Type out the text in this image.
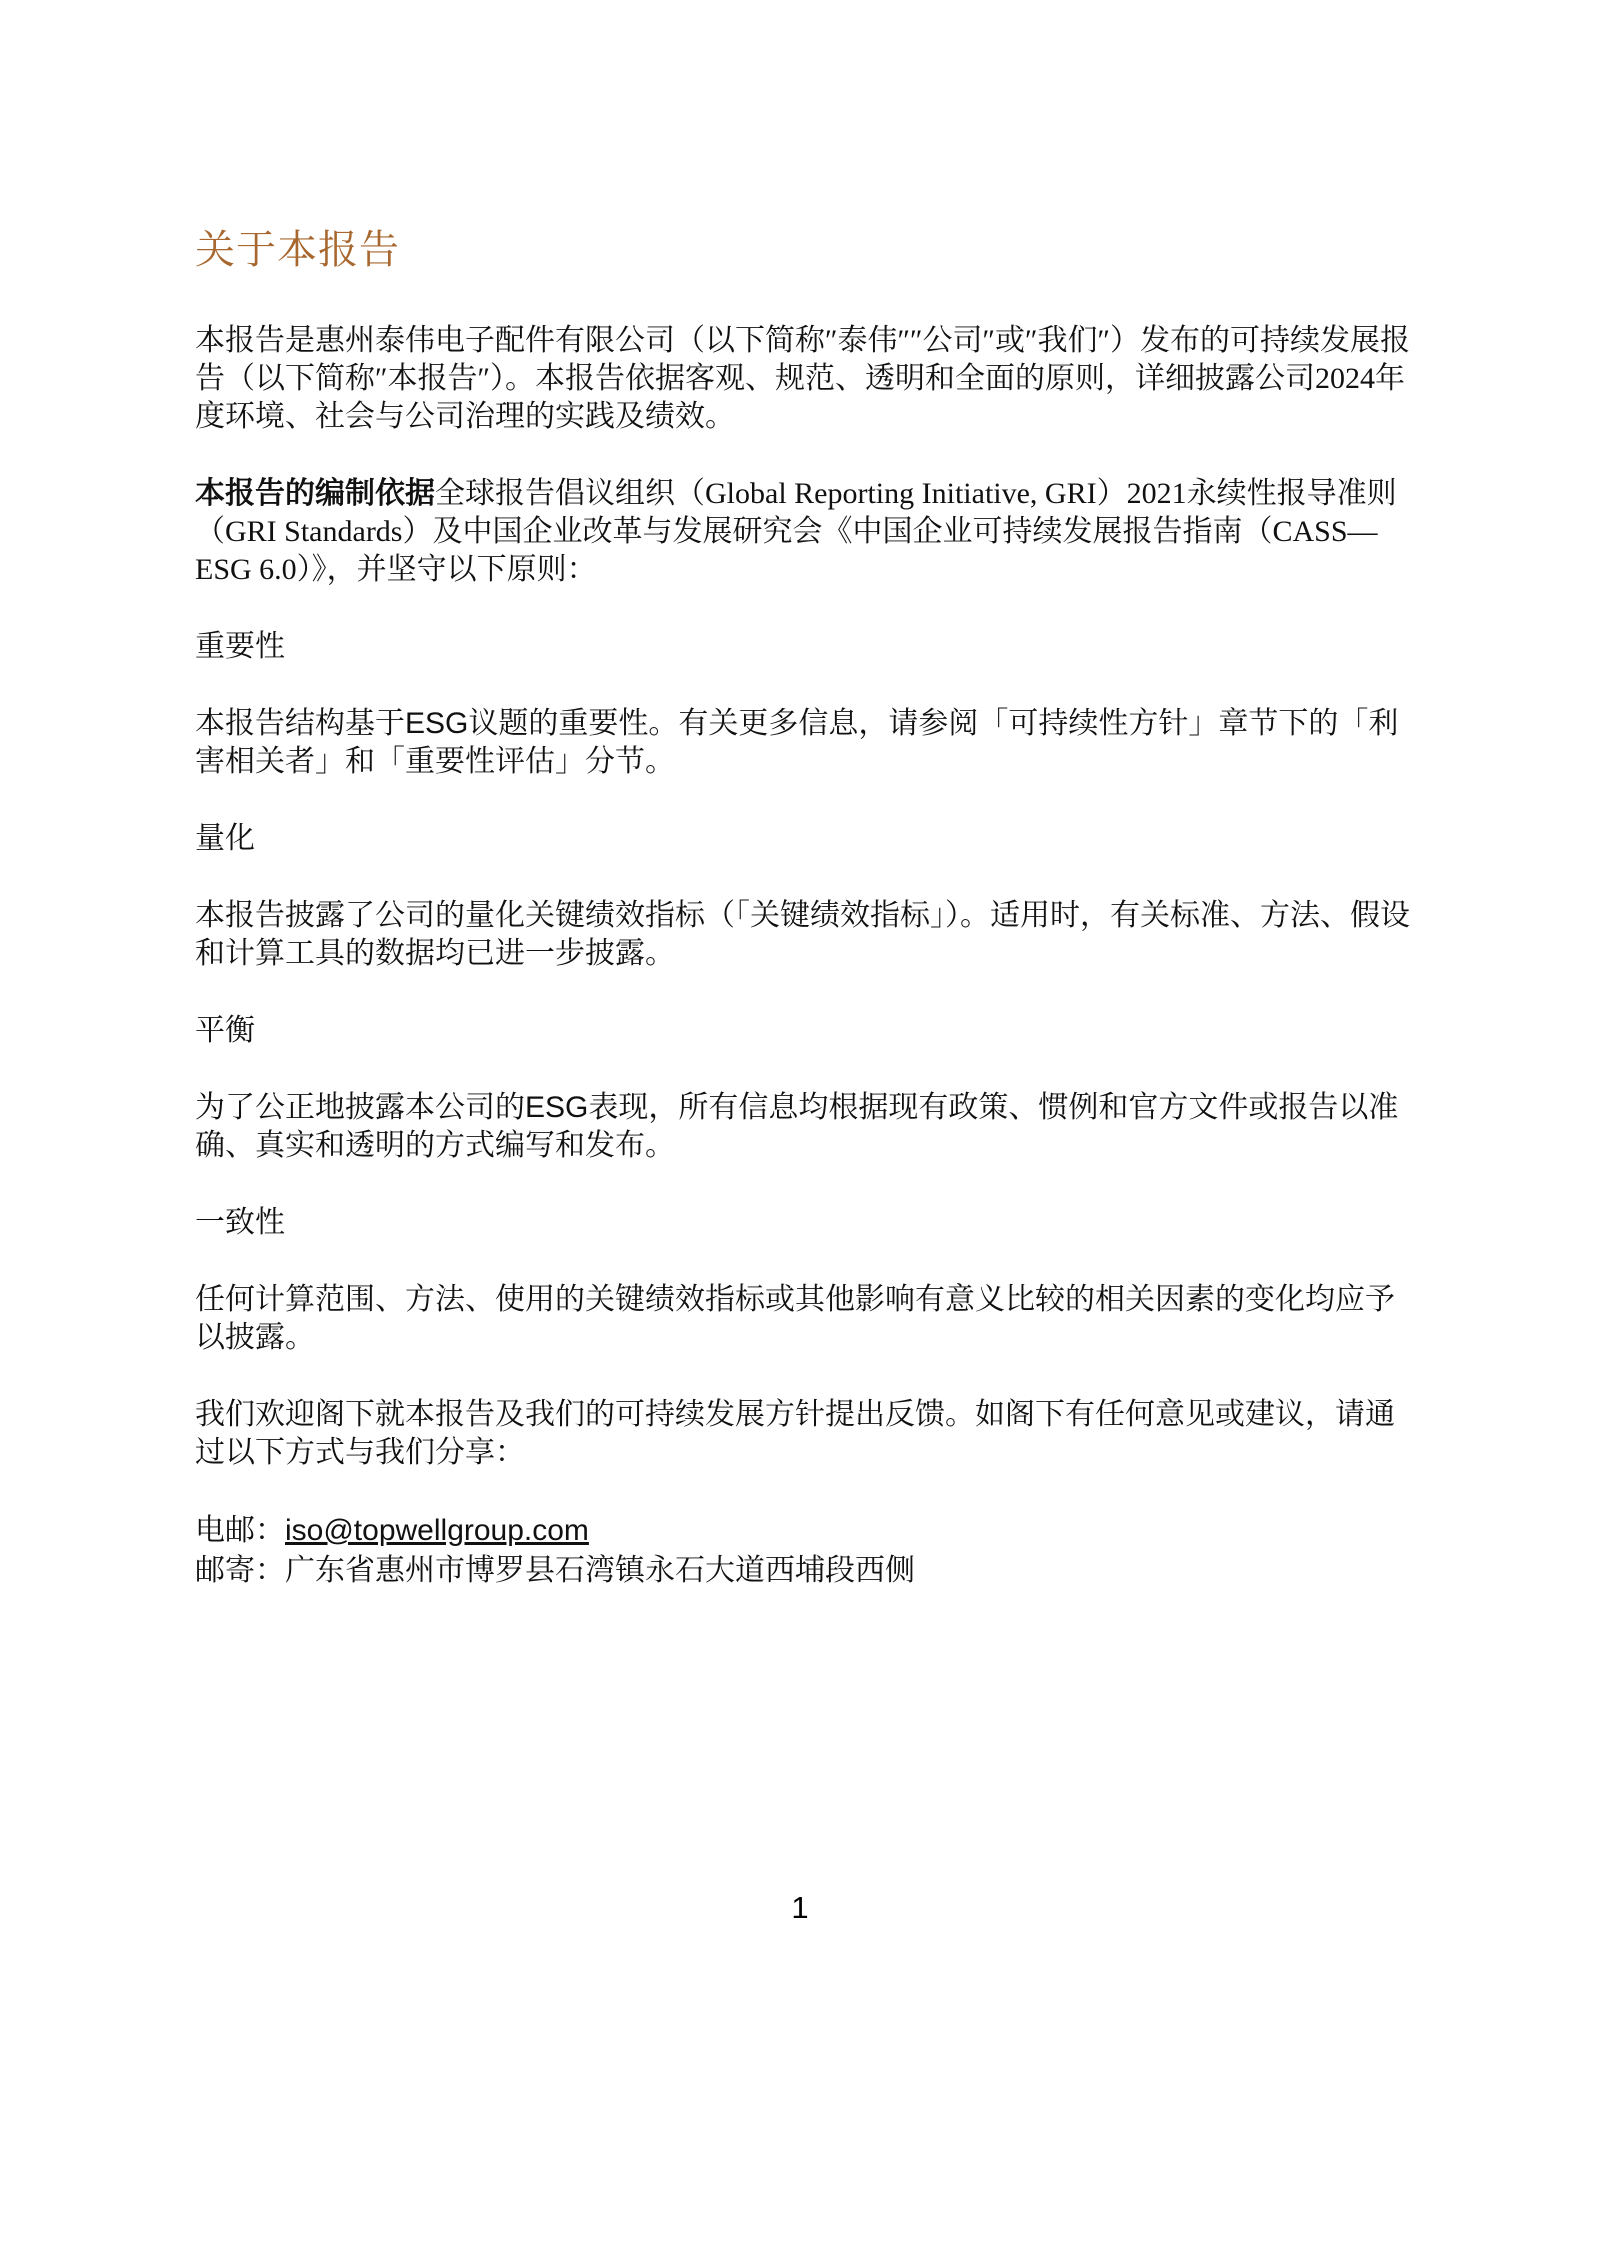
关于本报告

本报告是惠州泰伟电子配件有限公司（以下简称″泰伟″″公司″或″我们″）发布的可持续发展报告（以下简称″本报告″）。本报告依据客观、规范、透明和全面的原则，详细披露公司2024年度环境、社会与公司治理的实践及绩效。

本报告的编制依据全球报告倡议组织（Global Reporting Initiative, GRI）2021永续性报导准则（GRI Standards）及中国企业改革与发展研究会《中国企业可持续发展报告指南（CASS—ESG 6.0）》，并坚守以下原则：

重要性

本报告结构基于ESG议题的重要性。有关更多信息，请参阅「可持续性方针」章节下的「利害相关者」和「重要性评估」分节。

量化

本报告披露了公司的量化关键绩效指标（「关键绩效指标」）。适用时，有关标准、方法、假设和计算工具的数据均已进一步披露。

平衡

为了公正地披露本公司的ESG表现，所有信息均根据现有政策、惯例和官方文件或报告以准确、真实和透明的方式编写和发布。

一致性

任何计算范围、方法、使用的关键绩效指标或其他影响有意义比较的相关因素的变化均应予以披露。

我们欢迎阁下就本报告及我们的可持续发展方针提出反馈。如阁下有任何意见或建议，请通过以下方式与我们分享：

电邮：iso@topwellgroup.com

邮寄：广东省惠州市博罗县石湾镇永石大道西埔段西侧

1
